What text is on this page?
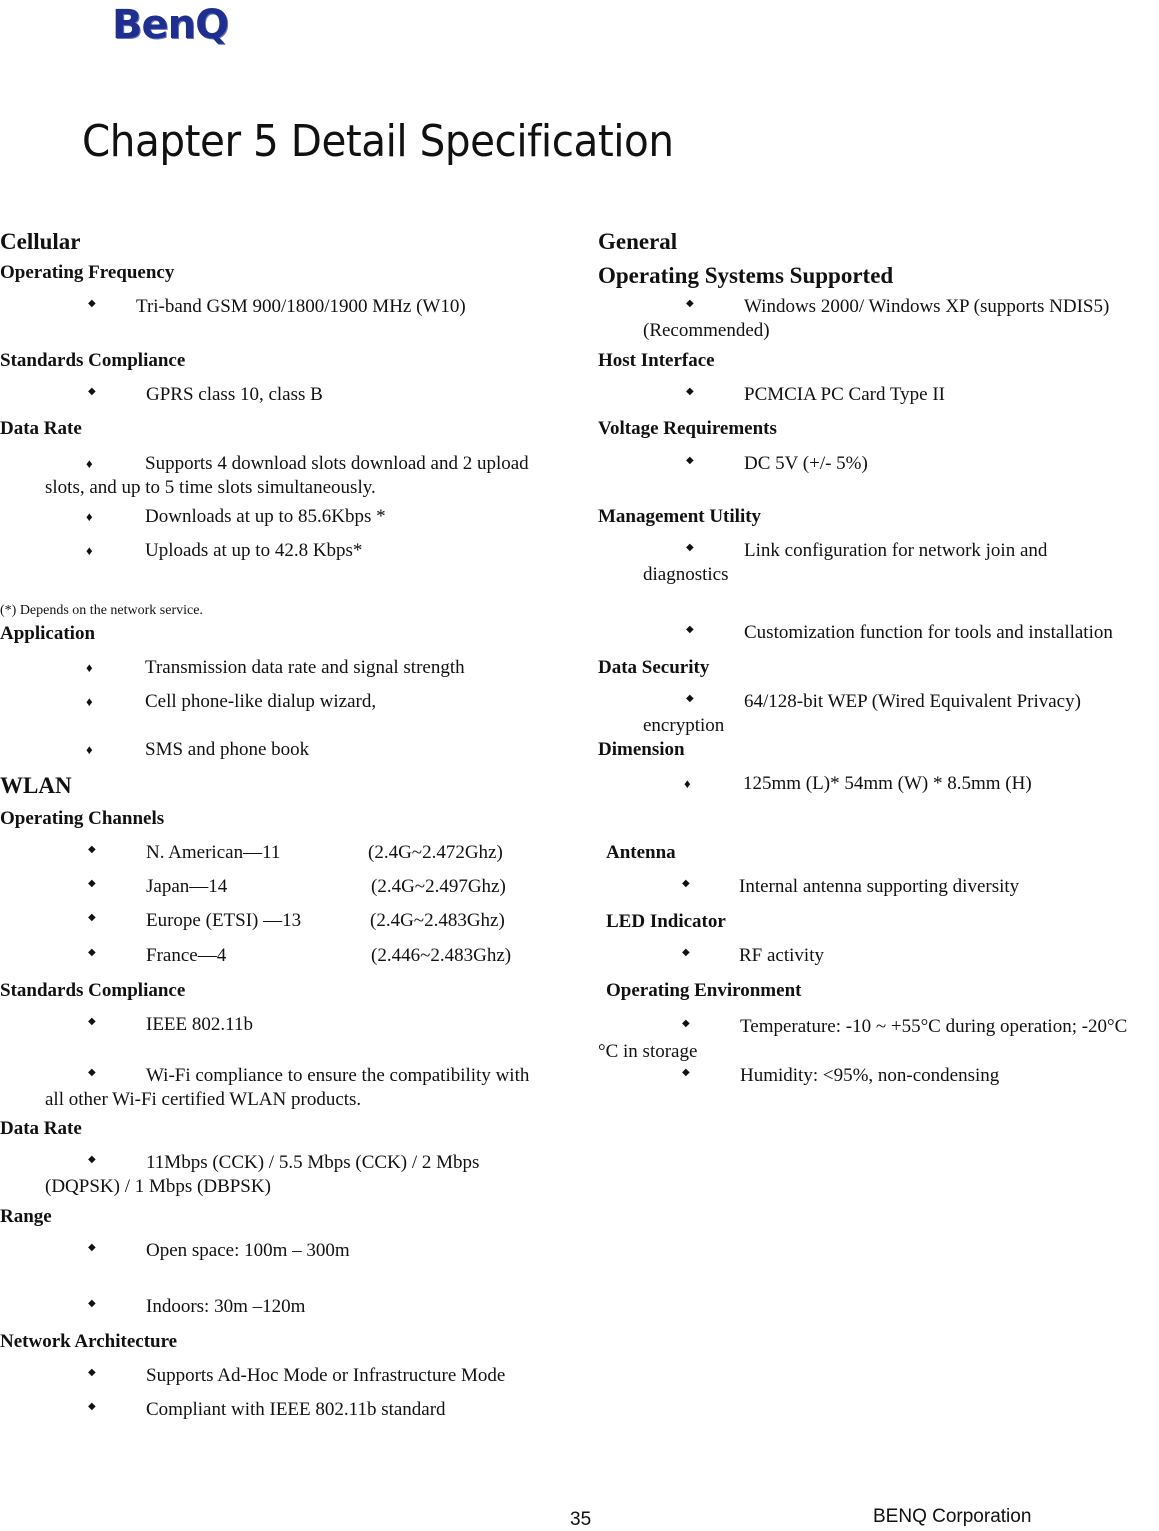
BenQ
Chapter 5 Detail Specification
Cellular
Operating Frequency
◆ Tri-band GSM 900/1800/1900 MHz (W10)
Standards Compliance
◆	GPRS class 10, class B
Data Rate
♦	Supports 4 download slots download and 2 upload
slots, and up to 5 time slots simultaneously.
♦	Downloads at up to 85.6Kbps *
♦	Uploads at up to 42.8 Kbps*
(*) Depends on the network service.
Application
♦	Transmission data rate and signal strength
♦	Cell phone-like dialup wizard,
♦	SMS and phone book
WLAN
Operating Channels
◆	N. American—11	(2.4G~2.472Ghz)
◆	Japan—14	(2.4G~2.497Ghz)
◆	Europe (ETSI) —13	(2.4G~2.483Ghz)
◆	France—4	(2.446~2.483Ghz)
Standards Compliance
◆	IEEE 802.11b
◆	Wi-Fi compliance to ensure the compatibility with
all other Wi-Fi certified WLAN products.
Data Rate
◆	11Mbps (CCK) / 5.5 Mbps (CCK) / 2 Mbps
(DQPSK) / 1 Mbps (DBPSK)
Range
◆	Open space: 100m – 300m
◆	Indoors: 30m –120m
Network Architecture
◆	Supports Ad-Hoc Mode or Infrastructure Mode
◆	Compliant with IEEE 802.11b standard
General
Operating Systems Supported
◆	Windows 2000/ Windows XP (supports NDIS5)
(Recommended)
Host Interface
◆	PCMCIA PC Card Type II
Voltage Requirements
◆	DC 5V (+/- 5%)
Management Utility
◆	Link configuration for network join and
diagnostics
◆	Customization function for tools and installation
Data Security
◆	64/128-bit WEP (Wired Equivalent Privacy)
encryption
Dimension
♦	125mm (L)* 54mm (W) * 8.5mm (H)
Antenna
◆	Internal antenna supporting diversity
LED Indicator
◆	RF activity
Operating Environment
◆	Temperature: -10 ~ +55°C during operation; -20°C
°C in storage
◆	Humidity: <95%, non-condensing
35	BENQ Corporation
